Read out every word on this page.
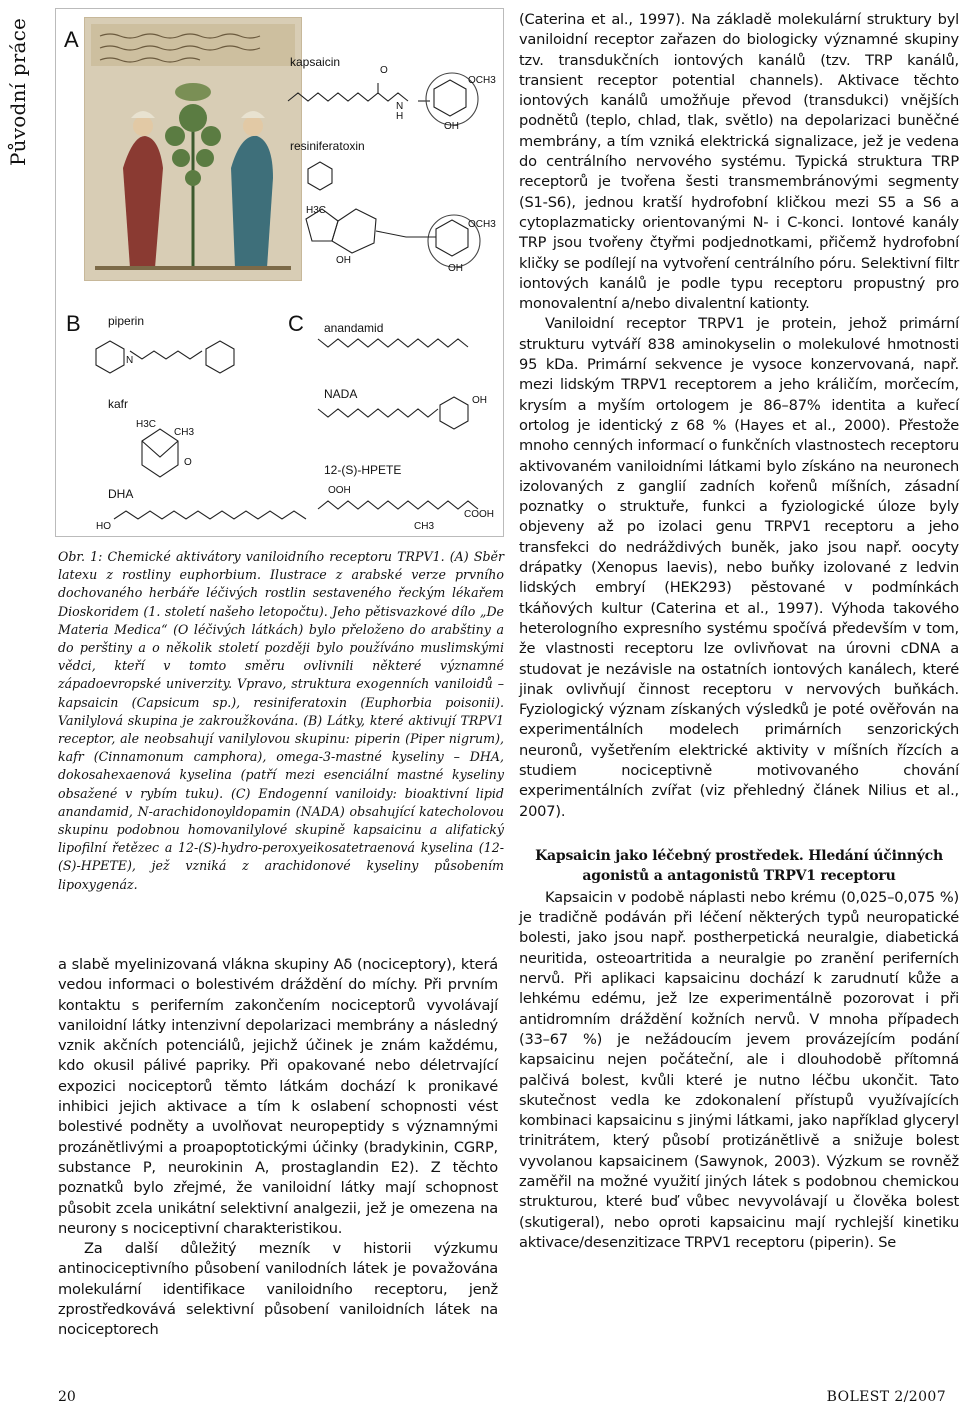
Původní práce A
B	C
kapsaicin
resiniferatoxin
piperin
kafr
DHA
anandamid
NADA
12-(S)-HPETE
O
N
H
OCH3
OH
H3C
OH
OCH3
OH
N
H3C
CH3
O
HO
OH
OOH
COOH
CH3
Obr. 1: Chemické aktivátory vaniloidního receptoru TRPV1. (A) Sběr latexu z rostliny euphorbium. Ilustrace z arabské verze prvního dochovaného herbáře léčivých rostlin sestaveného řeckým lékařem Dioskoridem (1. století našeho letopočtu). Jeho pětisvazkové dílo „De Materia Medica“ (O léčivých látkách) bylo přeloženo do arabštiny a do perštiny a o několik století později bylo používáno muslimskými vědci, kteří v tomto směru ovlivnili některé významné západoevropské univerzity. Vpravo, struktura exogenních vaniloidů – kapsaicin (Capsicum sp.), resiniferatoxin (Euphorbia poisonii). Vanilylová skupina je zakroužkována. (B) Látky, které aktivují TRPV1 receptor, ale neobsahují vanilylovou skupinu: piperin (Piper nigrum), kafr (Cinnamonum camphora), omega-3-mastné kyseliny – DHA, dokosahexaenová kyselina (patří mezi esenciální mastné kyseliny obsažené v rybím tuku). (C) Endogenní vaniloidy: bioaktivní lipid anandamid, N-arachidonoyldopamin (NADA) obsahující katecholovou skupinu podobnou homovanilylové skupině kapsaicinu a alifatický lipofilní řetězec a 12-(S)-hydro-peroxyeikosatetraenová kyselina (12-(S)-HPETE), jež vzniká z arachidonové kyseliny působením lipoxygenáz.

a slabě myelinizovaná vlákna skupiny Aδ (nociceptory), která vedou informaci o bolestivém dráždění do míchy. Při prvním kontaktu s periferním zakončením nociceptorů vyvolávají vaniloidní látky intenzivní depolarizaci membrány a následný vznik akčních potenciálů, jejichž účinek je znám každému, kdo okusil pálivé papriky. Při opakované nebo déletrvající expozici nociceptorů těmto látkám dochází k pronikavé inhibici jejich aktivace a tím k oslabení schopnosti vést bolestivé podněty a uvolňovat neuropeptidy s významnými prozánětlivými a proapoptotickými účinky (bradykinin, CGRP, substance P, neurokinin A, prostaglandin E2). Z těchto poznatků bylo zřejmé, že vaniloidní látky mají schopnost působit zcela unikátní selektivní analgezii, jež je omezena na neurony s nociceptivní charakteristikou.

Za další důležitý mezník v historii výzkumu antinociceptivního působení vanilodních látek je považována molekulární identifikace vaniloidního receptoru, jenž zprostředkovává selektivní působení vaniloidních látek na nociceptorech

(Caterina et al., 1997). Na základě molekulární struktury byl vaniloidní receptor zařazen do biologicky významné skupiny tzv. transdukčních iontových kanálů (tzv. TRP kanálů, transient receptor potential channels). Aktivace těchto iontových kanálů umožňuje převod (transdukci) vnějších podnětů (teplo, chlad, tlak, světlo) na depolarizaci buněčné membrány, a tím vzniká elektrická signalizace, jež je vedena do centrálního nervového systému. Typická struktura TRP receptorů je tvořena šesti transmembránovými segmenty (S1-S6), jednou kratší hydrofobní kličkou mezi S5 a S6 a cytoplazmaticky orientovanými N- i C-konci. Iontové kanály TRP jsou tvořeny čtyřmi podjednotkami, přičemž hydrofobní kličky se podílejí na vytvoření centrálního póru. Selektivní filtr iontových kanálů je podle typu receptoru propustný pro monovalentní a/nebo divalentní kationty.

Vaniloidní receptor TRPV1 je protein, jehož primární strukturu vytváří 838 aminokyselin o molekulové hmotnosti 95 kDa. Primární sekvence je vysoce konzervovaná, např. mezi lidským TRPV1 receptorem a jeho králičím, morčecím, krysím a myším ortologem je 86–87% identita a kuřecí ortolog je identický z 68 % (Hayes et al., 2000). Přestože mnoho cenných informací o funkčních vlastnostech receptoru aktivovaném vaniloidními látkami bylo získáno na neuronech izolovaných z ganglií zadních kořenů míšních, zásadní poznatky o struktuře, funkci a fyziologické úloze byly objeveny až po izolaci genu TRPV1 receptoru a jeho transfekci do nedráždivých buněk, jako jsou např. oocyty drápatky (Xenopus laevis), nebo buňky izolované z ledvin lidských embryí (HEK293) pěstované v podmínkách tkáňových kultur (Caterina et al., 1997). Výhoda takového heterologního expresního systému spočívá především v tom, že vlastnosti receptoru lze ovlivňovat na úrovni cDNA a studovat je nezávisle na ostatních iontových kanálech, které jinak ovlivňují činnost receptoru v nervových buňkách. Fyziologický význam získaných výsledků je poté ověřován na experimentálních modelech primárních senzorických neuronů, vyšetřením elektrické aktivity v míšních řízcích a studiem nociceptivně motivovaného chování experimentálních zvířat (viz přehledný článek Nilius et al., 2007).

Kapsaicin jako léčebný prostředek. Hledání účinných agonistů a antagonistů TRPV1 receptoru

Kapsaicin v podobě náplasti nebo krému (0,025–0,075 %) je tradičně podáván při léčení některých typů neuropatické bolesti, jako jsou např. postherpetická neuralgie, diabetická neuritida, osteoartritida a neuralgie po zranění periferních nervů. Při aplikaci kapsaicinu dochází k zarudnutí kůže a lehkému edému, jež lze experimentálně pozorovat i při antidromním dráždění kožních nervů. V mnoha případech (33–67 %) je nežádoucím jevem provázejícím podání kapsaicinu nejen počáteční, ale i dlouhodobě přítomná palčivá bolest, kvůli které je nutno léčbu ukončit. Tato skutečnost vedla ke zdokonalení přístupů využívajících kombinaci kapsaicinu s jinými látkami, jako například glyceryl trinitrátem, který působí protizánětlivě a snižuje bolest vyvolanou kapsaicinem (Sawynok, 2003). Výzkum se rovněž zaměřil na možné využití jiných látek s podobnou chemickou strukturou, které buď vůbec nevyvolávají u člověka bolest (skutigeral), nebo oproti kapsaicinu mají rychlejší kinetiku aktivace/desenzitizace TRPV1 receptoru (piperin). Se

20	BOLEST 2/2007
